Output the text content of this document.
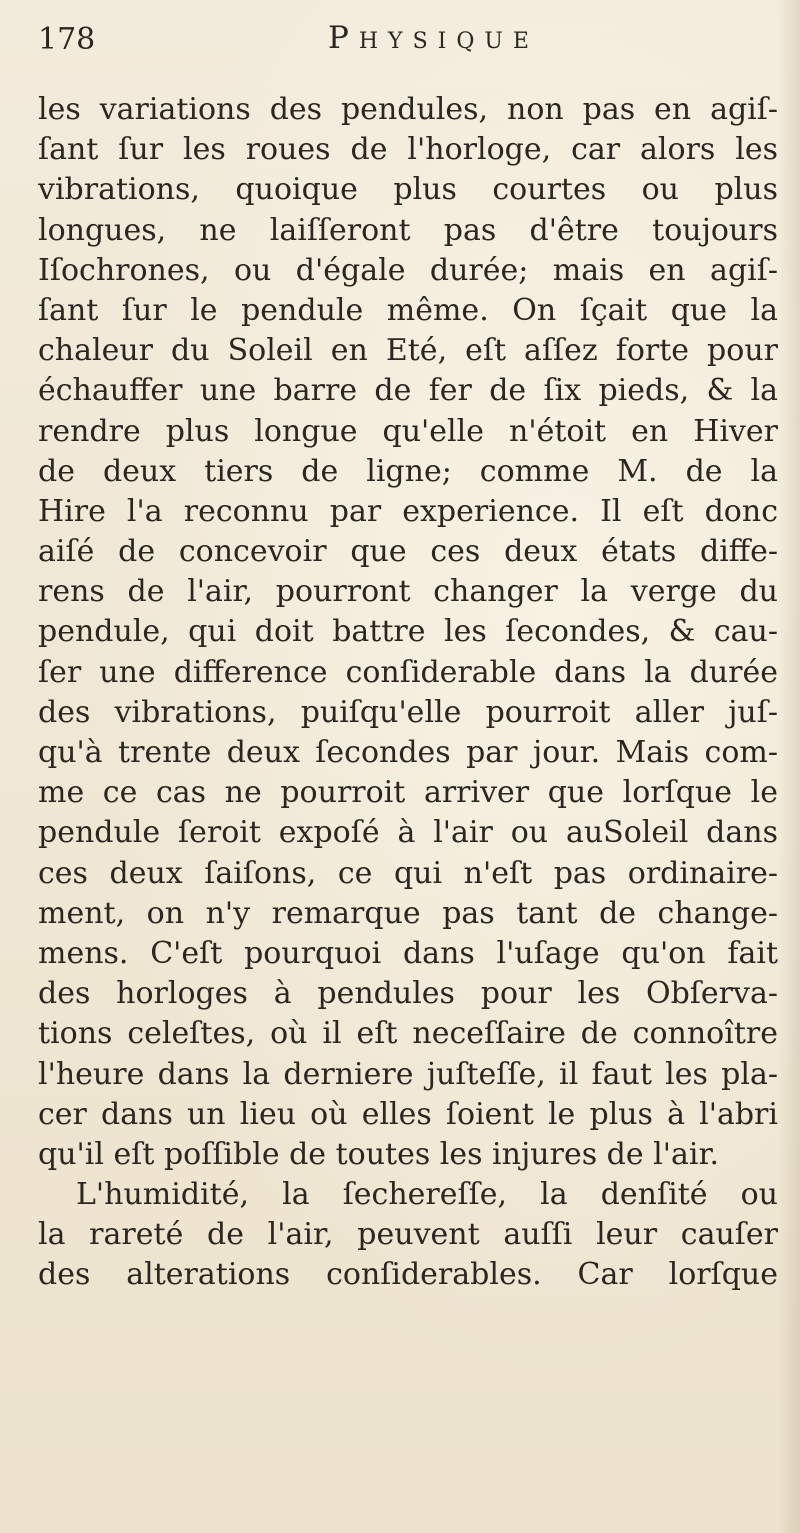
178	Physique
les variations des pendules, non pas en agiſ-
ſant ſur les roues de l'horloge, car alors les
vibrations, quoique plus courtes ou plus
longues, ne laiſſeront pas d'être toujours
Iſochrones, ou d'égale durée; mais en agiſ-
ſant ſur le pendule même. On ſçait que la
chaleur du Soleil en Eté, eſt aſſez forte pour
échauffer une barre de fer de ſix pieds, & la
rendre plus longue qu'elle n'étoit en Hiver
de deux tiers de ligne; comme M. de la
Hire l'a reconnu par experience. Il eſt donc
aiſé de concevoir que ces deux états diffe-
rens de l'air, pourront changer la verge du
pendule, qui doit battre les ſecondes, & cau-
ſer une difference conſiderable dans la durée
des vibrations, puiſqu'elle pourroit aller juſ-
qu'à trente deux ſecondes par jour. Mais com-
me ce cas ne pourroit arriver que lorſque le
pendule ſeroit expoſé à l'air ou auSoleil dans
ces deux ſaiſons, ce qui n'eſt pas ordinaire-
ment, on n'y remarque pas tant de change-
mens. C'eſt pourquoi dans l'uſage qu'on fait
des horloges à pendules pour les Obſerva-
tions celeſtes, où il eſt neceſſaire de connoître
l'heure dans la derniere juſteſſe, il faut les pla-
cer dans un lieu où elles ſoient le plus à l'abri
qu'il eſt poſſible de toutes les injures de l'air.
L'humidité, la ſechereſſe, la denſité ou
la rareté de l'air, peuvent auſſi leur cauſer
des alterations conſiderables. Car lorſque
